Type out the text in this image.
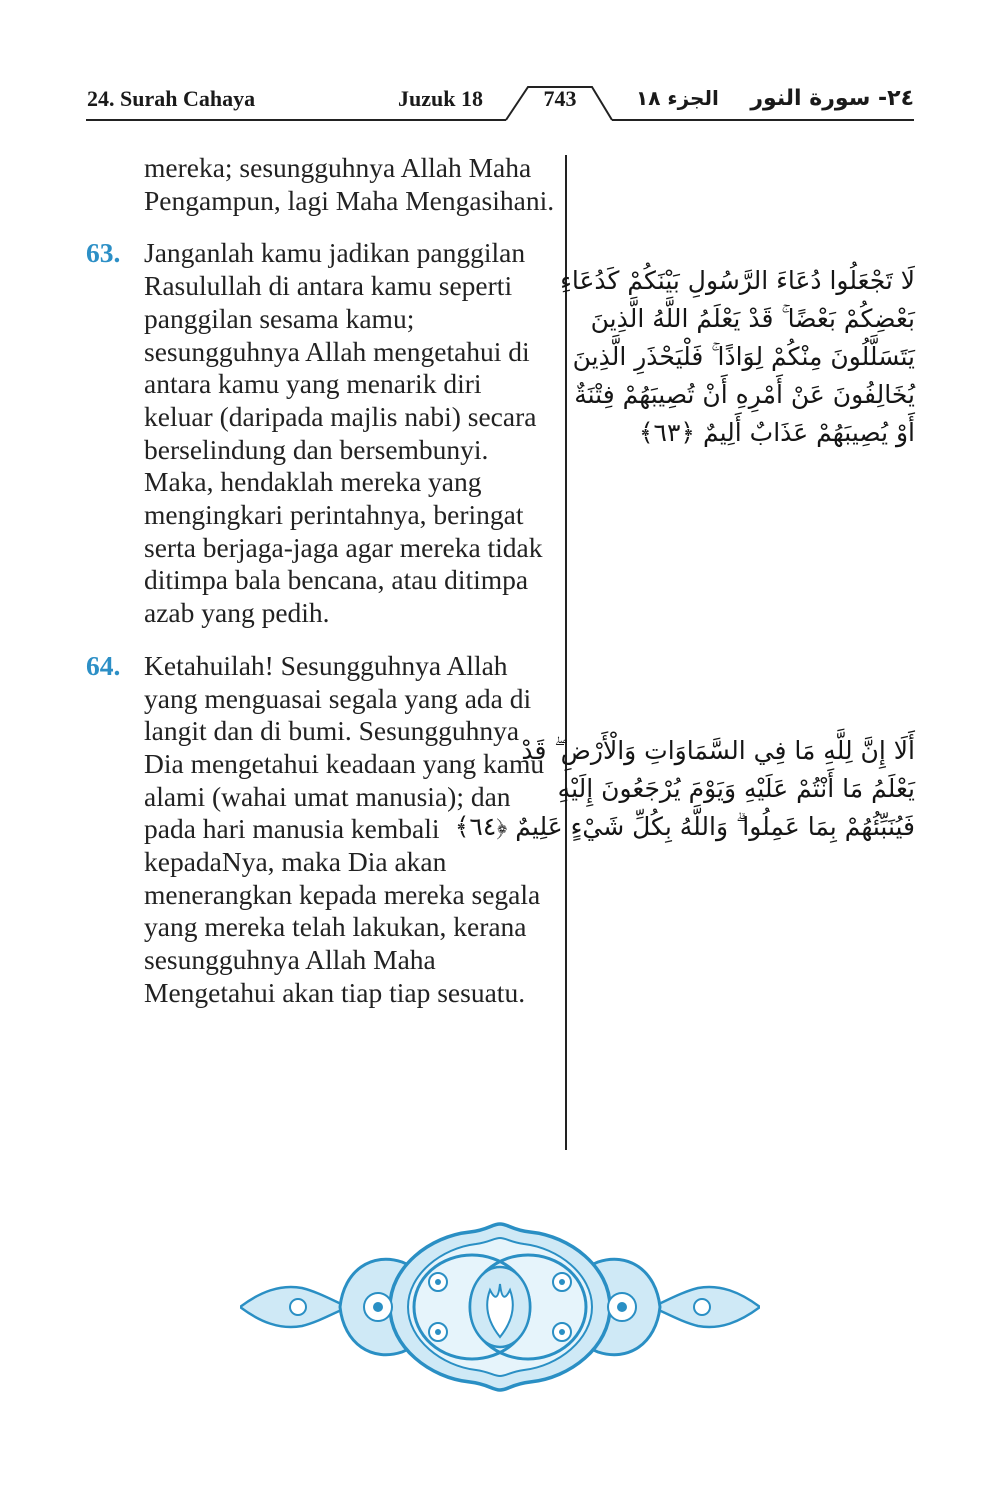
24. Surah Cahaya	Juzuk 18	743	الجزء ١٨ ٢٤- سورة النور
mereka; sesungguhnya Allah Maha Pengampun, lagi Maha Mengasihani.
63. Janganlah kamu jadikan panggilan Rasulullah di antara kamu seperti panggilan sesama kamu; sesungguhnya Allah mengetahui di antara kamu yang menarik diri keluar (daripada majlis nabi) secara berselindung dan bersembunyi. Maka, hendaklah mereka yang mengingkari perintahnya, beringat serta berjaga-jaga agar mereka tidak ditimpa bala bencana, atau ditimpa azab yang pedih.
64. Ketahuilah! Sesungguhnya Allah yang menguasai segala yang ada di langit dan di bumi. Sesungguhnya Dia mengetahui keadaan yang kamu alami (wahai umat manusia); dan pada hari manusia kembali kepadaNya, maka Dia akan menerangkan kepada mereka segala yang mereka telah lakukan, kerana sesungguhnya Allah Maha Mengetahui akan tiap tiap sesuatu.
لَا تَجْعَلُوا دُعَاءَ الرَّسُولِ بَيْنَكُمْ كَدُعَاءِ
بَعْضِكُمْ بَعْضًا ۚ قَدْ يَعْلَمُ اللَّهُ الَّذِينَ
يَتَسَلَّلُونَ مِنْكُمْ لِوَاذًا ۚ فَلْيَحْذَرِ الَّذِينَ
يُخَالِفُونَ عَنْ أَمْرِهِ أَنْ تُصِيبَهُمْ فِتْنَةٌ
أَوْ يُصِيبَهُمْ عَذَابٌ أَلِيمٌ ﴿٦٣﴾
أَلَا إِنَّ لِلَّهِ مَا فِي السَّمَاوَاتِ وَالْأَرْضِ ۖ قَدْ
يَعْلَمُ مَا أَنْتُمْ عَلَيْهِ وَيَوْمَ يُرْجَعُونَ إِلَيْهِ
فَيُنَبِّئُهُمْ بِمَا عَمِلُوا ۗ وَاللَّهُ بِكُلِّ شَيْءٍ عَلِيمٌ ﴿٦٤﴾
